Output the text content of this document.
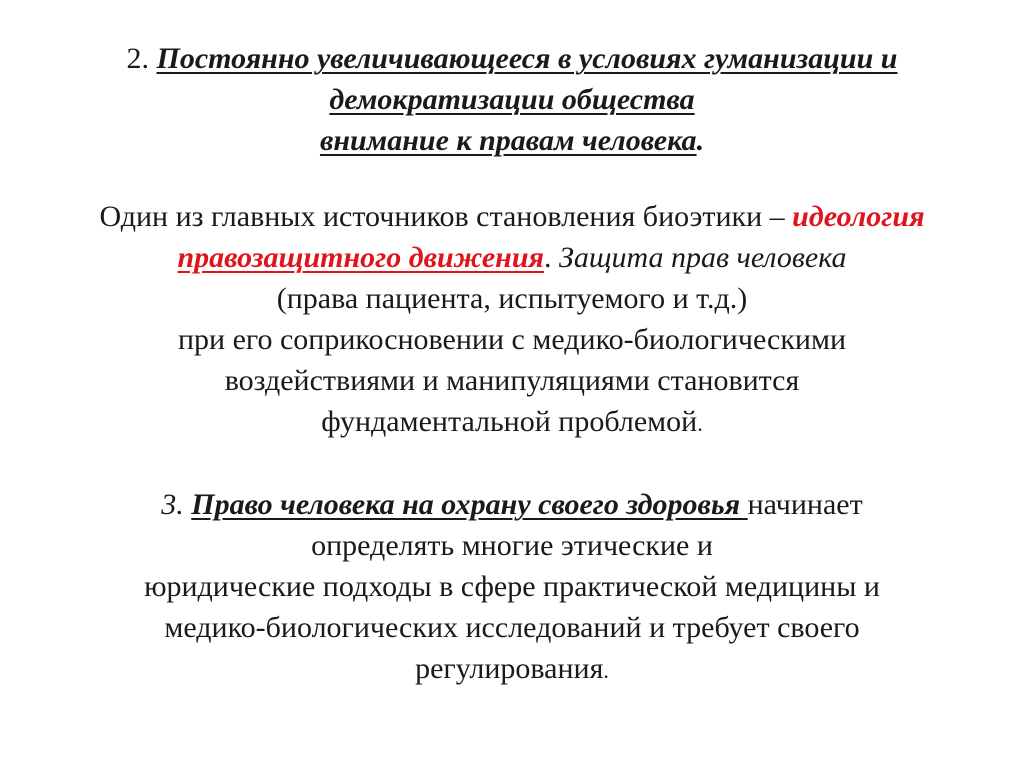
2. Постоянно увеличивающееся в условиях гуманизации и
демократизации общества
внимание к правам человека.
Один из главных источников становления биоэтики – идеология
правозащитного движения. Защита прав человека
(права пациента, испытуемого и т.д.)
при его соприкосновении с медико-биологическими
воздействиями и манипуляциями становится
фундаментальной проблемой.
3. Право человека на охрану своего здоровья начинает
определять многие этические и
юридические подходы в сфере практической медицины и
медико-биологических исследований и требует своего
регулирования.
